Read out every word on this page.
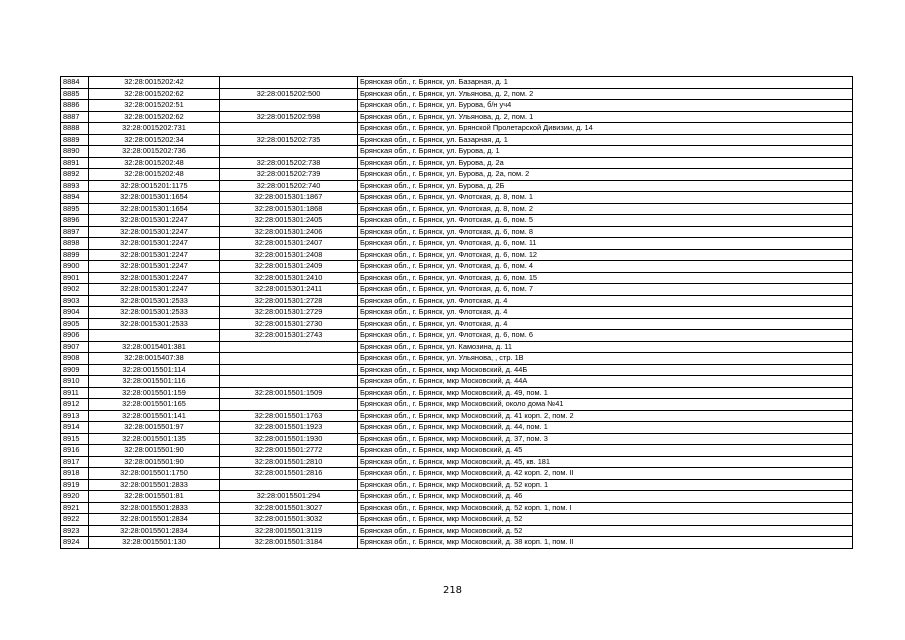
8884	32:28:0015202:42		Брянская обл., г. Брянск, ул. Базарная, д. 1
8885	32:28:0015202:62	32:28:0015202:500	Брянская обл., г. Брянск, ул. Ульянова, д. 2, пом. 2
8886	32:28:0015202:51		Брянская обл., г. Брянск, ул. Бурова, б/н уч4
8887	32:28:0015202:62	32:28:0015202:598	Брянская обл., г. Брянск, ул. Ульянова, д. 2, пом. 1
8888	32:28:0015202:731		Брянская обл., г. Брянск, ул. Брянской Пролетарской Дивизии, д. 14
8889	32:28:0015202:34	32:28:0015202:735	Брянская обл., г. Брянск, ул. Базарная, д. 1
8890	32:28:0015202:736		Брянская обл., г. Брянск, ул. Бурова, д. 1
8891	32:28:0015202:48	32:28:0015202:738	Брянская обл., г. Брянск, ул. Бурова, д. 2а
8892	32:28:0015202:48	32:28:0015202:739	Брянская обл., г. Брянск, ул. Бурова, д. 2а, пом. 2
8893	32:28:0015201:1175	32:28:0015202:740	Брянская обл., г. Брянск, ул. Бурова, д. 2Б
8894	32:28:0015301:1654	32:28:0015301:1867	Брянская обл., г. Брянск, ул. Флотская, д. 8, пом. 1
8895	32:28:0015301:1654	32:28:0015301:1868	Брянская обл., г. Брянск, ул. Флотская, д. 8, пом. 2
8896	32:28:0015301:2247	32:28:0015301:2405	Брянская обл., г. Брянск, ул. Флотская, д. 6, пом. 5
8897	32:28:0015301:2247	32:28:0015301:2406	Брянская обл., г. Брянск, ул. Флотская, д. 6, пом. 8
8898	32:28:0015301:2247	32:28:0015301:2407	Брянская обл., г. Брянск, ул. Флотская, д. 6, пом. 11
8899	32:28:0015301:2247	32:28:0015301:2408	Брянская обл., г. Брянск, ул. Флотская, д. 6, пом. 12
8900	32:28:0015301:2247	32:28:0015301:2409	Брянская обл., г. Брянск, ул. Флотская, д. 6, пом. 4
8901	32:28:0015301:2247	32:28:0015301:2410	Брянская обл., г. Брянск, ул. Флотская, д. 6, пом. 15
8902	32:28:0015301:2247	32:28:0015301:2411	Брянская обл., г. Брянск, ул. Флотская, д. 6, пом. 7
8903	32:28:0015301:2533	32:28:0015301:2728	Брянская обл., г. Брянск, ул. Флотская, д. 4
8904	32:28:0015301:2533	32:28:0015301:2729	Брянская обл., г. Брянск, ул. Флотская, д. 4
8905	32:28:0015301:2533	32:28:0015301:2730	Брянская обл., г. Брянск, ул. Флотская, д. 4
8906		32:28:0015301:2743	Брянская обл., г. Брянск, ул. Флотская, д. 6, пом. 6
8907	32:28:0015401:381		Брянская обл., г. Брянск, ул. Камозина, д. 11
8908	32:28:0015407:38		Брянская обл., г. Брянск, ул. Ульянова, , стр. 1В
8909	32:28:0015501:114		Брянская обл., г. Брянск, мкр Московский, д. 44Б
8910	32:28:0015501:116		Брянская обл., г. Брянск, мкр Московский, д. 44А
8911	32:28:0015501:159	32:28:0015501:1509	Брянская обл., г. Брянск, мкр Московский, д. 49, пом. 1
8912	32:28:0015501:165		Брянская обл., г. Брянск, мкр Московский, около дома №41
8913	32:28:0015501:141	32:28:0015501:1763	Брянская обл., г. Брянск, мкр Московский, д. 41 корп. 2, пом. 2
8914	32:28:0015501:97	32:28:0015501:1923	Брянская обл., г. Брянск, мкр Московский, д. 44, пом. 1
8915	32:28:0015501:135	32:28:0015501:1930	Брянская обл., г. Брянск, мкр Московский, д. 37, пом. 3
8916	32:28:0015501:90	32:28:0015501:2772	Брянская обл., г. Брянск, мкр Московский, д. 45
8917	32:28:0015501:90	32:28:0015501:2810	Брянская обл., г. Брянск, мкр Московский, д. 45, кв. 181
8918	32:28:0015501:1750	32:28:0015501:2816	Брянская обл., г. Брянск, мкр Московский, д. 42 корп. 2, пом. II
8919	32:28:0015501:2833		Брянская обл., г. Брянск, мкр Московский, д. 52 корп. 1
8920	32:28:0015501:81	32:28:0015501:294	Брянская обл., г. Брянск, мкр Московский, д. 46
8921	32:28:0015501:2833	32:28:0015501:3027	Брянская обл., г. Брянск, мкр Московский, д. 52 корп. 1, пом. I
8922	32:28:0015501:2834	32:28:0015501:3032	Брянская обл., г. Брянск, мкр Московский, д. 52
8923	32:28:0015501:2834	32:28:0015501:3119	Брянская обл., г. Брянск, мкр Московский, д. 52
8924	32:28:0015501:130	32:28:0015501:3184	Брянская обл., г. Брянск, мкр Московский, д. 38 корп. 1, пом. II
218
